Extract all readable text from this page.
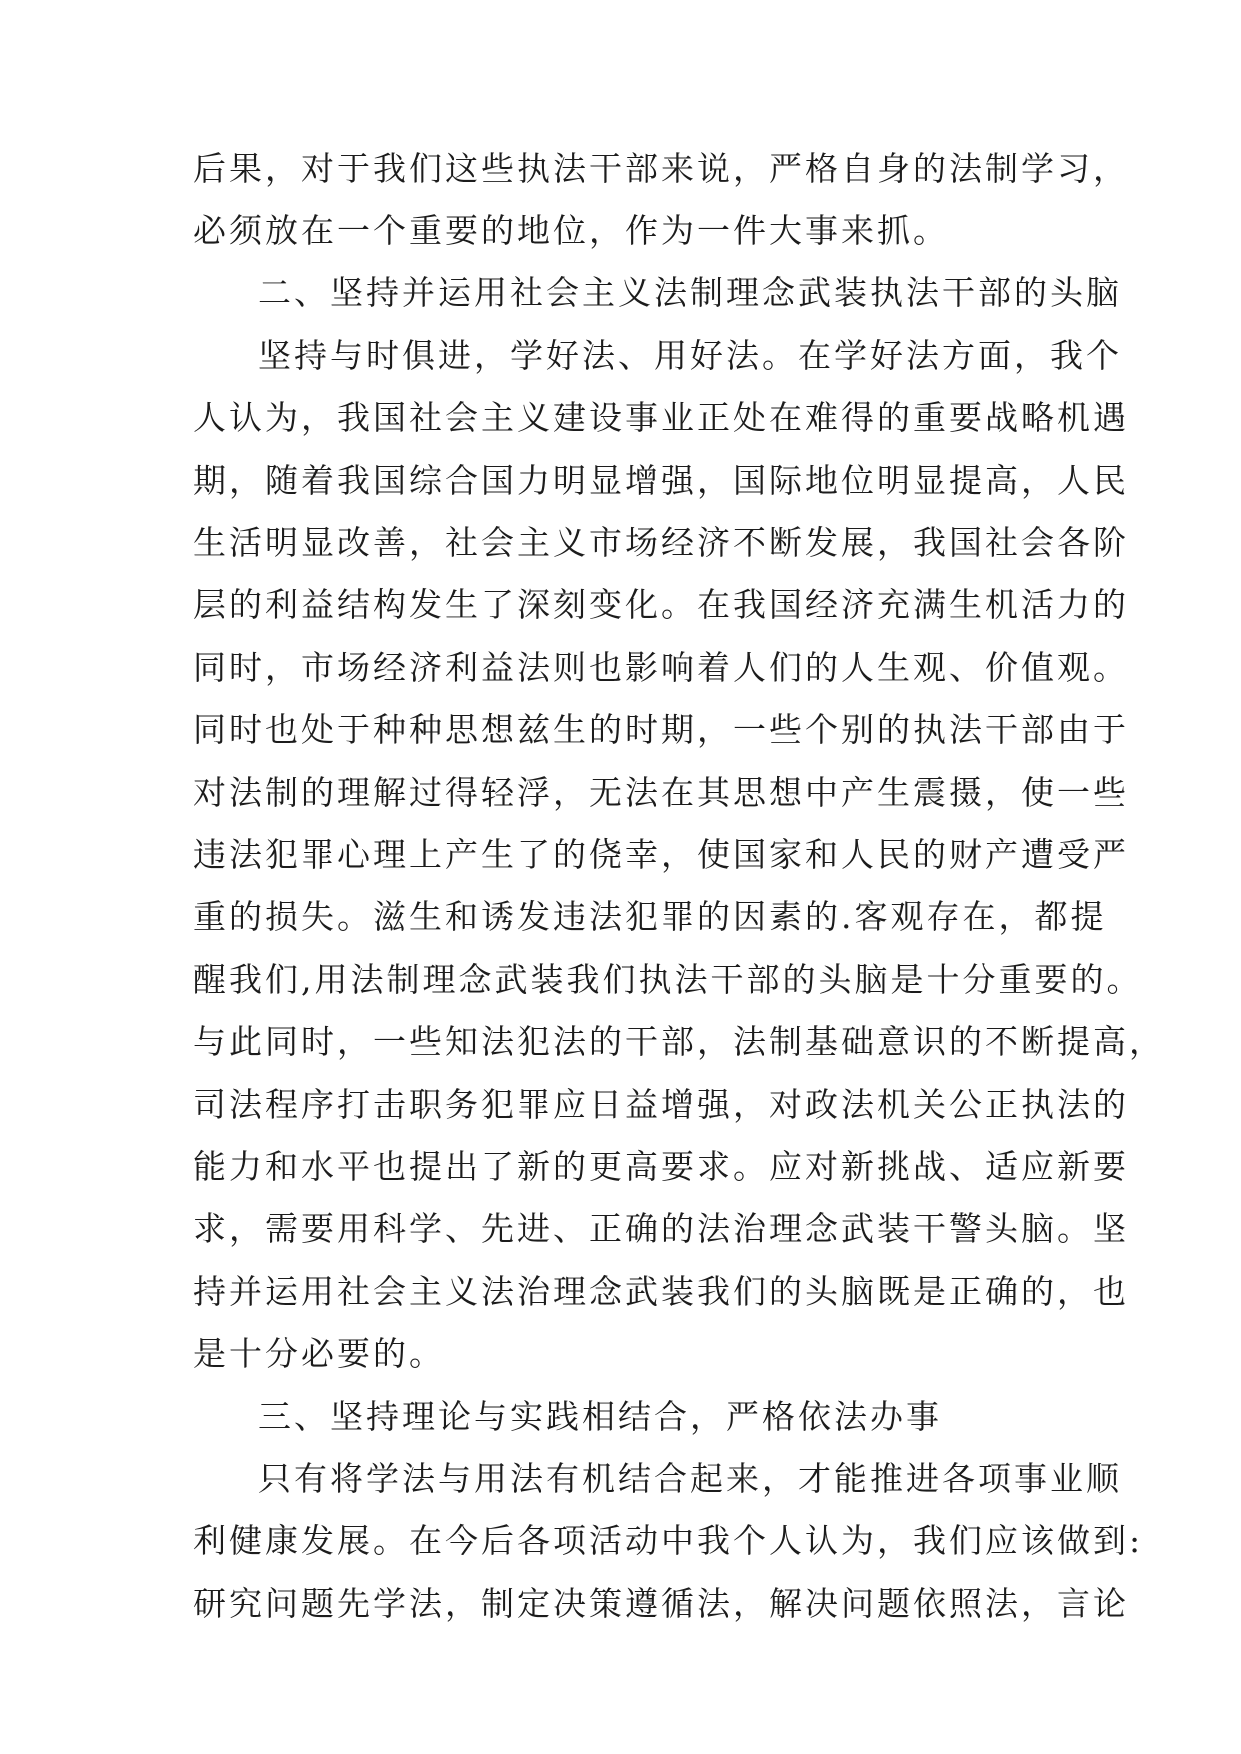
后果，对于我们这些执法干部来说，严格自身的法制学习，
必须放在一个重要的地位，作为一件大事来抓。
二、坚持并运用社会主义法制理念武装执法干部的头脑
坚持与时俱进，学好法、用好法。在学好法方面，我个
人认为，我国社会主义建设事业正处在难得的重要战略机遇
期，随着我国综合国力明显增强，国际地位明显提高，人民
生活明显改善，社会主义市场经济不断发展，我国社会各阶
层的利益结构发生了深刻变化。在我国经济充满生机活力的
同时，市场经济利益法则也影响着人们的人生观、价值观。
同时也处于种种思想兹生的时期，一些个别的执法干部由于
对法制的理解过得轻浮，无法在其思想中产生震摄，使一些
违法犯罪心理上产生了的侥幸，使国家和人民的财产遭受严
重的损失。滋生和诱发违法犯罪的因素的.客观存在，都提
醒我们,用法制理念武装我们执法干部的头脑是十分重要的。
与此同时，一些知法犯法的干部，法制基础意识的不断提高，
司法程序打击职务犯罪应日益增强，对政法机关公正执法的
能力和水平也提出了新的更高要求。应对新挑战、适应新要
求，需要用科学、先进、正确的法治理念武装干警头脑。坚
持并运用社会主义法治理念武装我们的头脑既是正确的，也
是十分必要的。
三、坚持理论与实践相结合，严格依法办事
只有将学法与用法有机结合起来，才能推进各项事业顺
利健康发展。在今后各项活动中我个人认为，我们应该做到:
研究问题先学法，制定决策遵循法，解决问题依照法，言论
